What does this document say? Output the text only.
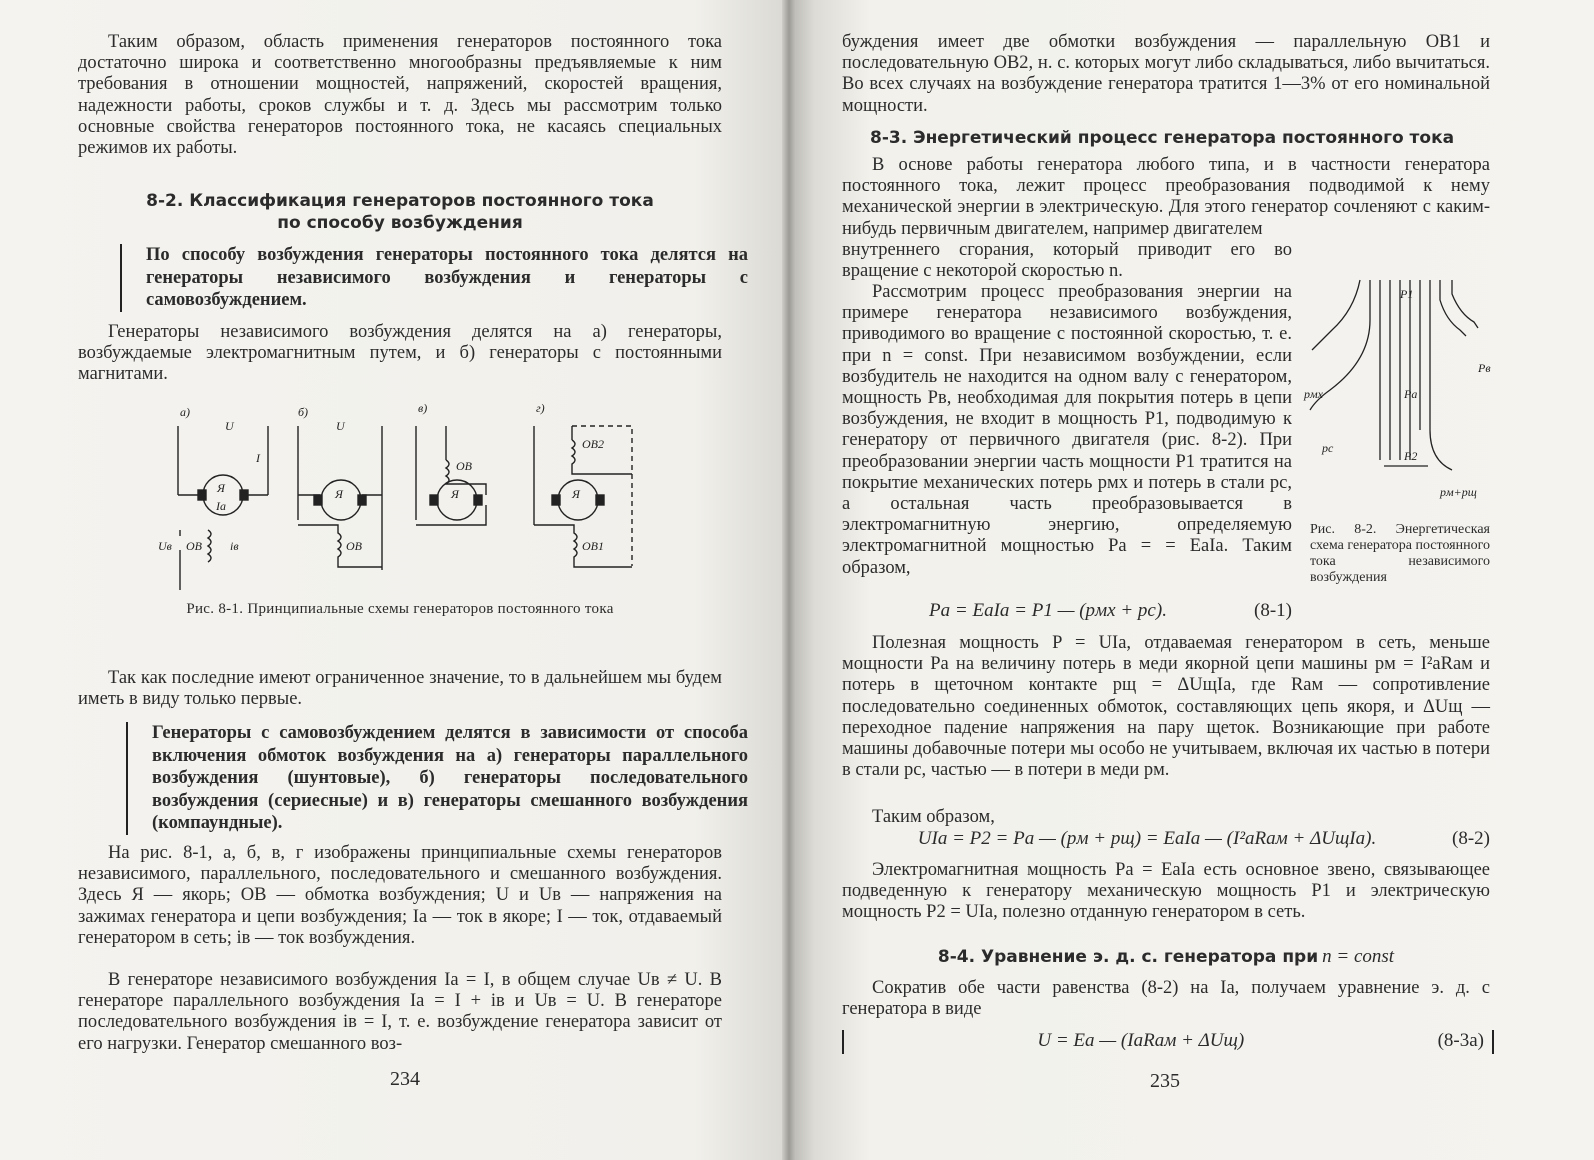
Таким образом, область применения генераторов постоянного тока достаточно широка и соответственно многообразны предъявляемые к ним требования в отношении мощностей, напряжений, скоростей вращения, надежности работы, сроков службы и т. д. Здесь мы рассмотрим только основные свойства генераторов постоянного тока, не касаясь специальных режимов их работы.

8-2. Классификация генераторов постоянного тока
по способу возбуждения
По способу возбуждения генераторы постоянного тока делятся на генераторы независимого возбуждения и генераторы с самовозбуждением.

Генераторы независимого возбуждения делятся на а) генераторы, возбуждаемые электромагнитным путем, и б) генераторы с постоянными магнитами.

а)
U
I
Я
Iа
Uв ОВ iв
б)
U
Я
ОВ
в)
ОВ
Я
г)
ОВ2
Я
ОВ1
Рис. 8-1. Принципиальные схемы генераторов постоянного тока

Так как последние имеют ограниченное значение, то в дальнейшем мы будем иметь в виду только первые.

Генераторы с самовозбуждением делятся в зависимости от способа включения обмоток возбуждения на а) генераторы параллельного возбуждения (шунтовые), б) генераторы последовательного возбуждения (сериесные) и в) генераторы смешанного возбуждения (компаундные).

На рис. 8-1, а, б, в, г изображены принципиальные схемы генераторов независимого, параллельного, последовательного и смешанного возбуждения. Здесь Я — якорь; ОВ — обмотка возбуждения; U и Uв — напряжения на зажимах генератора и цепи возбуждения; Iа — ток в якоре; I — ток, отдаваемый генератором в сеть; iв — ток возбуждения.

В генераторе независимого возбуждения Iа = I, в общем случае Uв ≠ U. В генераторе параллельного возбуждения Iа = I + iв и Uв = U. В генераторе последовательного возбуждения iв = I, т. е. возбуждение генератора зависит от его нагрузки. Генератор смешанного воз-

234

буждения имеет две обмотки возбуждения — параллельную ОВ1 и последовательную ОВ2, н. с. которых могут либо складываться, либо вычитаться. Во всех случаях на возбуждение генератора тратится 1—3% от его номинальной мощности.

8-3. Энергетический процесс генератора постоянного тока

В основе работы генератора любого типа, и в частности генератора постоянного тока, лежит процесс преобразования подводимой к нему механической энергии в электрическую. Для этого генератор сочленяют с каким-нибудь первичным двигателем, например двигателем

внутреннего сгорания, который приводит его во вращение с некоторой скоростью n.

Рассмотрим процесс преобразования энергии на примере генератора независимого возбуждения, приводимого во вращение с постоянной скоростью, т. е. при n = const. При независимом возбуждении, если возбудитель не находится на одном валу с генератором, мощность Pв, необходимая для покрытия потерь в цепи возбуждения, не входит в мощность P1, подводимую к генератору от первичного двигателя (рис. 8-2). При преобразовании энергии часть мощности P1 тратится на покрытие механических потерь pмх и потерь в стали pс, а остальная часть преобразовывается в электромагнитную энергию, определяемую электромагнитной мощностью Pа = = EаIа. Таким образом,

Pа = EаIа = P1 — (pмх + pс).	(8-1)
P1
Pв
pмх	Pа
pс
P2
pм+pщ
Рис. 8-2. Энергетическая схема генератора постоянного тока независимого возбуждения

Полезная мощность P = UIа, отдаваемая генератором в сеть, меньше мощности Pа на величину потерь в меди якорной цепи машины pм = I²аRам и потерь в щеточном контакте pщ = ΔUщIа, где Rам — сопротивление последовательно соединенных обмоток, составляющих цепь якоря, и ΔUщ — переходное падение напряжения на пару щеток. Возникающие при работе машины добавочные потери мы особо не учитываем, включая их частью в потери в стали pс, частью — в потери в меди pм.

Таким образом,

UIа = P2 = Pа — (pм + pщ) = EаIа — (I²аRам + ΔUщIа).	(8-2)

Электромагнитная мощность Pа = EаIа есть основное звено, связывающее подведенную к генератору механическую мощность P1 и электрическую мощность P2 = UIа, полезно отданную генератором в сеть.

8-4. Уравнение э. д. с. генератора при n = const

Сократив обе части равенства (8-2) на Iа, получаем уравнение э. д. с генератора в виде

U = Eа — (IаRам + ΔUщ)	(8-3а)
235
